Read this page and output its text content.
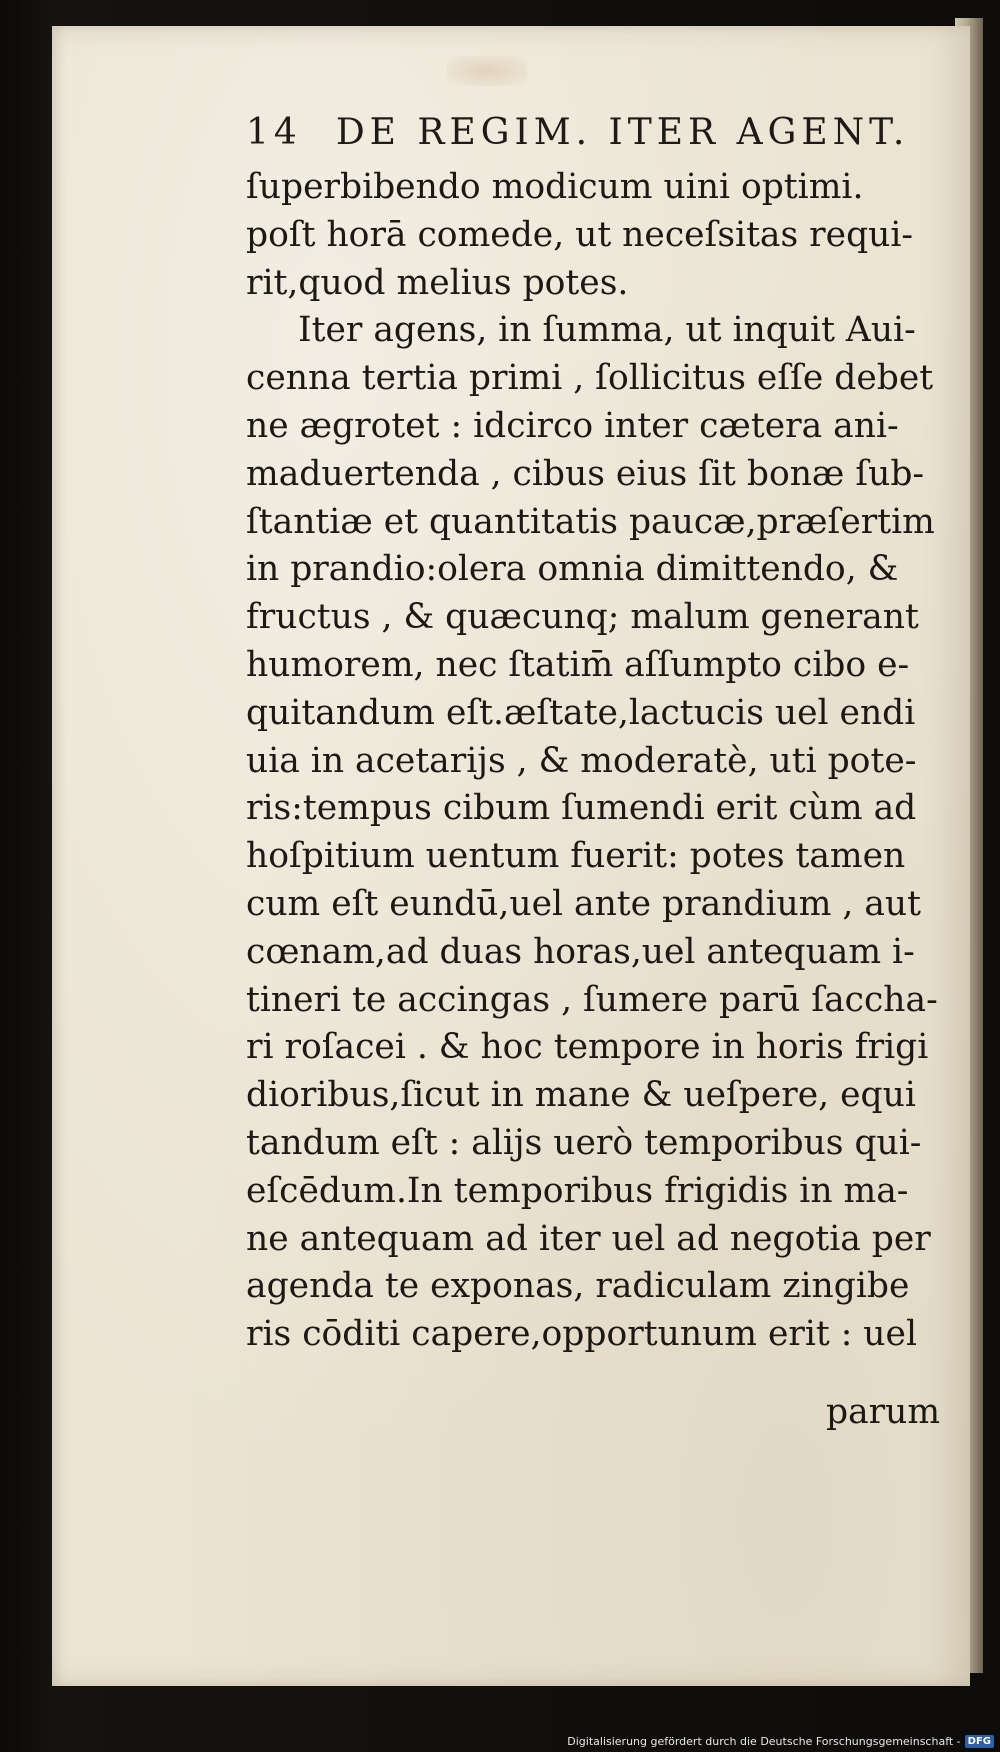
14 DE REGIM. ITER AGENT.
ſuperbibendo modicum uini optimi.
poſt horā comede, ut neceſsitas requi-
rit,quod melius potes.
Iter agens, in ſumma, ut inquit Aui-
cenna tertia primi , ſollicitus eſſe debet
ne ægrotet : idcirco inter cætera ani-
maduertenda , cibus eius ſit bonæ ſub-
ſtantiæ et quantitatis paucæ,præſertim
in prandio:olera omnia dimittendo, &
fructus , & quæcunq; malum generant
humorem, nec ſtatim̄ aſſumpto cibo e-
quitandum eſt.æſtate,lactucis uel endi
uia in acetarijs , & moderatè, uti pote-
ris:tempus cibum ſumendi erit cùm ad
hoſpitium uentum fuerit: potes tamen
cum eſt eundū,uel ante prandium , aut
cœnam,ad duas horas,uel antequam i-
tineri te accingas , ſumere parū ſaccha-
ri roſacei . & hoc tempore in horis frigi
dioribus,ſicut in mane & ueſpere, equi
tandum eſt : alijs uerò temporibus qui-
eſcēdum.In temporibus frigidis in ma-
ne antequam ad iter uel ad negotia per
agenda te exponas, radiculam zingibe
ris cōditi capere,opportunum erit : uel
parum
Digitalisierung gefördert durch die Deutsche Forschungsgemeinschaft - DFG
